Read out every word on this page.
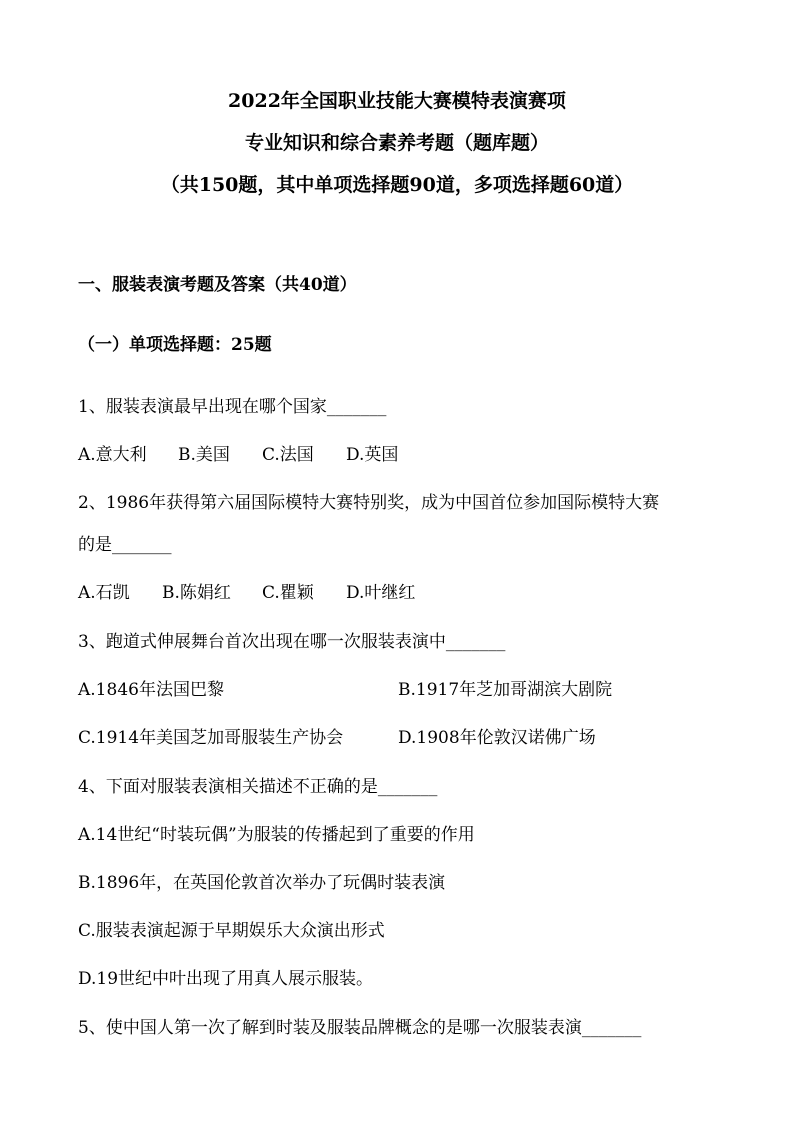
2022年全国职业技能大赛模特表演赛项
专业知识和综合素养考题（题库题）
（共150题，其中单项选择题90道，多项选择题60道）
一、服装表演考题及答案（共40道）
（一）单项选择题：25题
1、服装表演最早出现在哪个国家_______
A.意大利 B.美国 C.法国 D.英国
2、1986年获得第六届国际模特大赛特别奖，成为中国首位参加国际模特大赛
的是_______
A.石凯 B.陈娟红 C.瞿颖 D.叶继红
3、跑道式伸展舞台首次出现在哪一次服装表演中_______
A.1846年法国巴黎	B.1917年芝加哥湖滨大剧院
C.1914年美国芝加哥服装生产协会	D.1908年伦敦汉诺佛广场
4、下面对服装表演相关描述不正确的是_______
A.14世纪“时装玩偶”为服装的传播起到了重要的作用
B.1896年，在英国伦敦首次举办了玩偶时装表演
C.服装表演起源于早期娱乐大众演出形式
D.19世纪中叶出现了用真人展示服装。
5、使中国人第一次了解到时装及服装品牌概念的是哪一次服装表演_______
